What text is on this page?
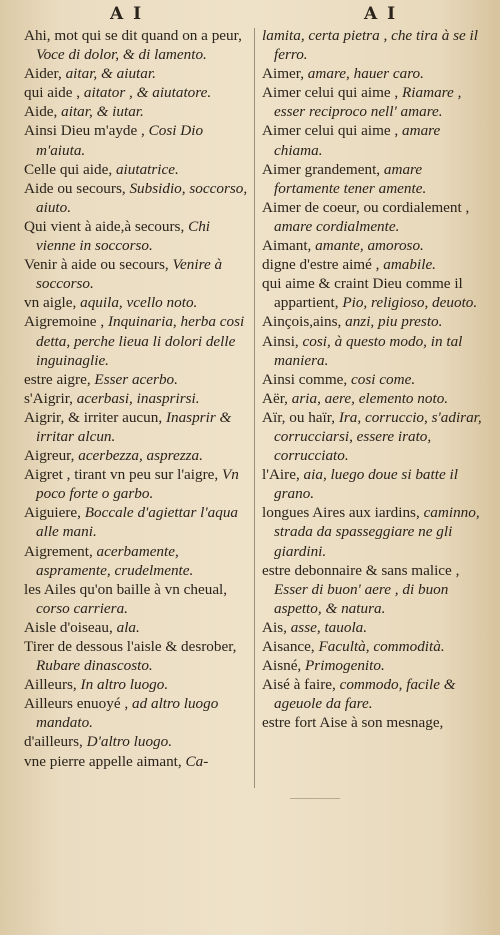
A I	A I

Ahi, mot qui se dit quand on a peur, Voce di dolor, & di lamento.

Aider, aitar, & aiutar.

qui aide , aitator , & aiutatore.

Aide, aitar, & iutar.

Ainsi Dieu m'ayde , Cosi Dio m'aiuta.

Celle qui aide, aiutatrice.

Aide ou secours, Subsidio, soccorso, aiuto.

Qui vient à aide,à secours, Chi vienne in soccorso.

Venir à aide ou secours, Venire à soccorso.

vn aigle, aquila, vcello noto.

Aigremoine , Inquinaria, herba cosi detta, perche lieua li dolori delle inguinaglie.

estre aigre, Esser acerbo.

s'Aigrir, acerbasi, inasprirsi.

Aigrir, & irriter aucun, Inasprir & irritar alcun.

Aigreur, acerbezza, asprezza.

Aigret , tirant vn peu sur l'aigre, Vn poco forte o garbo.

Aiguiere, Boccale d'agiettar l'aqua alle mani.

Aigrement, acerbamente, aspramente, crudelmente.

les Ailes qu'on baille à vn cheual, corso carriera.

Aisle d'oiseau, ala.

Tirer de dessous l'aisle & desrober, Rubare dinascosto.

Ailleurs, In altro luogo.

Ailleurs enuoyé , ad altro luogo mandato.

d'ailleurs, D'altro luogo.

vne pierre appelle aimant, Ca-

lamita, certa pietra , che tira à se il ferro.

Aimer, amare, hauer caro.

Aimer celui qui aime , Riamare , esser reciproco nell' amare.

Aimer celui qui aime , amare chiama.

Aimer grandement, amare fortamente tener amente.

Aimer de coeur, ou cordialement , amare cordialmente.

Aimant, amante, amoroso.

digne d'estre aimé , amabile.

qui aime & craint Dieu comme il appartient, Pio, religioso, deuoto.

Ainçois,ains, anzi, piu presto.

Ainsi, cosi, à questo modo, in tal maniera.

Ainsi comme, cosi come.

Aër, aria, aere, elemento noto.

Aïr, ou haïr, Ira, corruccio, s'adirar, corrucciarsi, essere irato, corrucciato.

l'Aire, aia, luego doue si batte il grano.

longues Aires aux iardins, caminno, strada da spasseggiare ne gli giardini.

estre debonnaire & sans malice , Esser di buon' aere , di buon aspetto, & natura.

Ais, asse, tauola.

Aisance, Facultà, commodità.

Aisné, Primogenito.

Aisé à faire, commodo, facile & ageuole da fare.

estre fort Aise à son mesnage,
